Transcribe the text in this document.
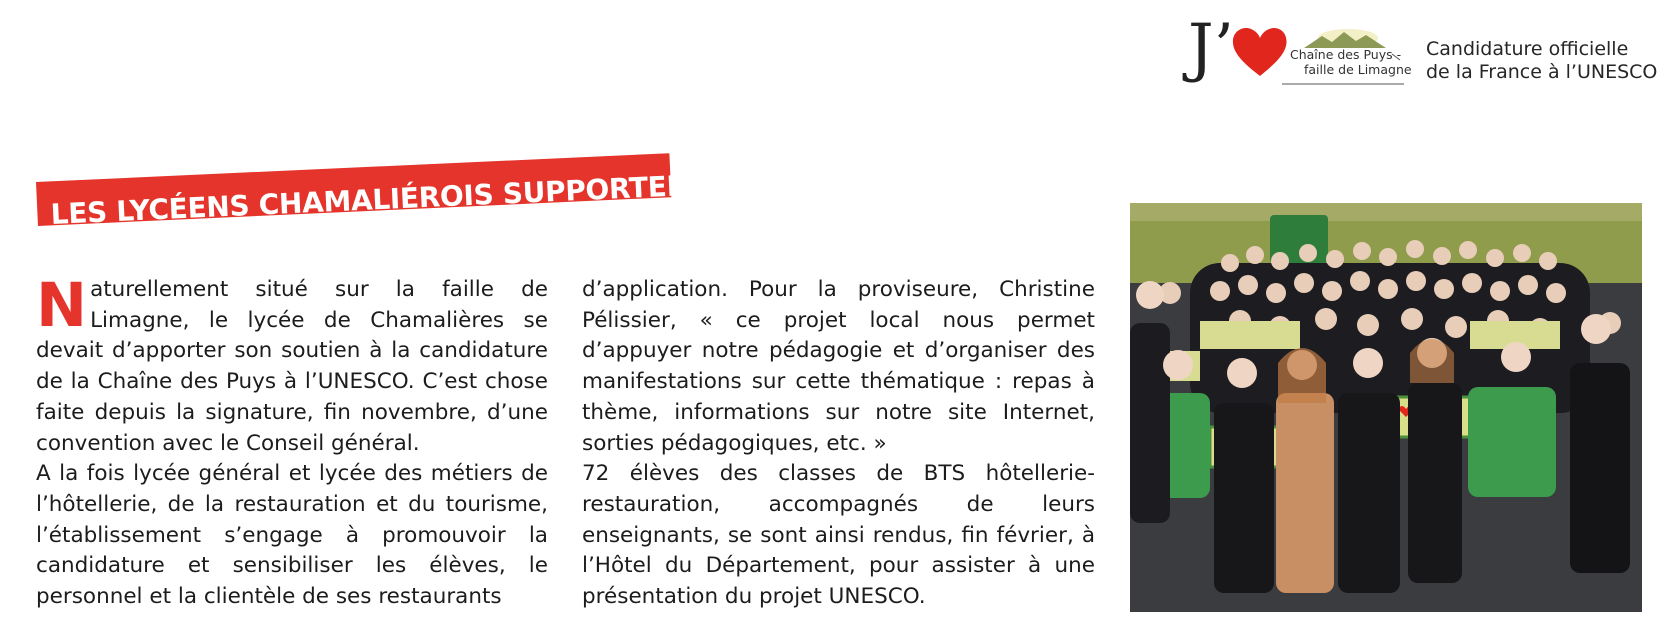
J’	Chaîne des Puys -
faille de Limagne
Candidature officielle
de la France à l’UNESCO
LES LYCÉENS CHAMALIÉROIS SUPPORTERS

Naturellement situé sur la faille de Limagne, le lycée de Chamalières se devait d’apporter son soutien à la candidature de la Chaîne des Puys à l’UNESCO. C’est chose faite depuis la signature, fin novembre, d’une convention avec le Conseil général.

A la fois lycée général et lycée des métiers de l’hôtellerie, de la restauration et du tourisme, l’établissement s’engage à promouvoir la candidature et sensibiliser les élèves, le personnel et la clientèle de ses restaurants

d’application. Pour la proviseure, Christine Pélissier, « ce projet local nous permet d’appuyer notre pédagogie et d’organiser des manifestations sur cette thématique : repas à thème, informations sur notre site Internet, sorties pédagogiques, etc. »

72 élèves des classes de BTS hôtellerie-restauration, accompagnés de leurs enseignants, se sont ainsi rendus, fin février, à l’Hôtel du Département, pour assister à une présentation du projet UNESCO.
